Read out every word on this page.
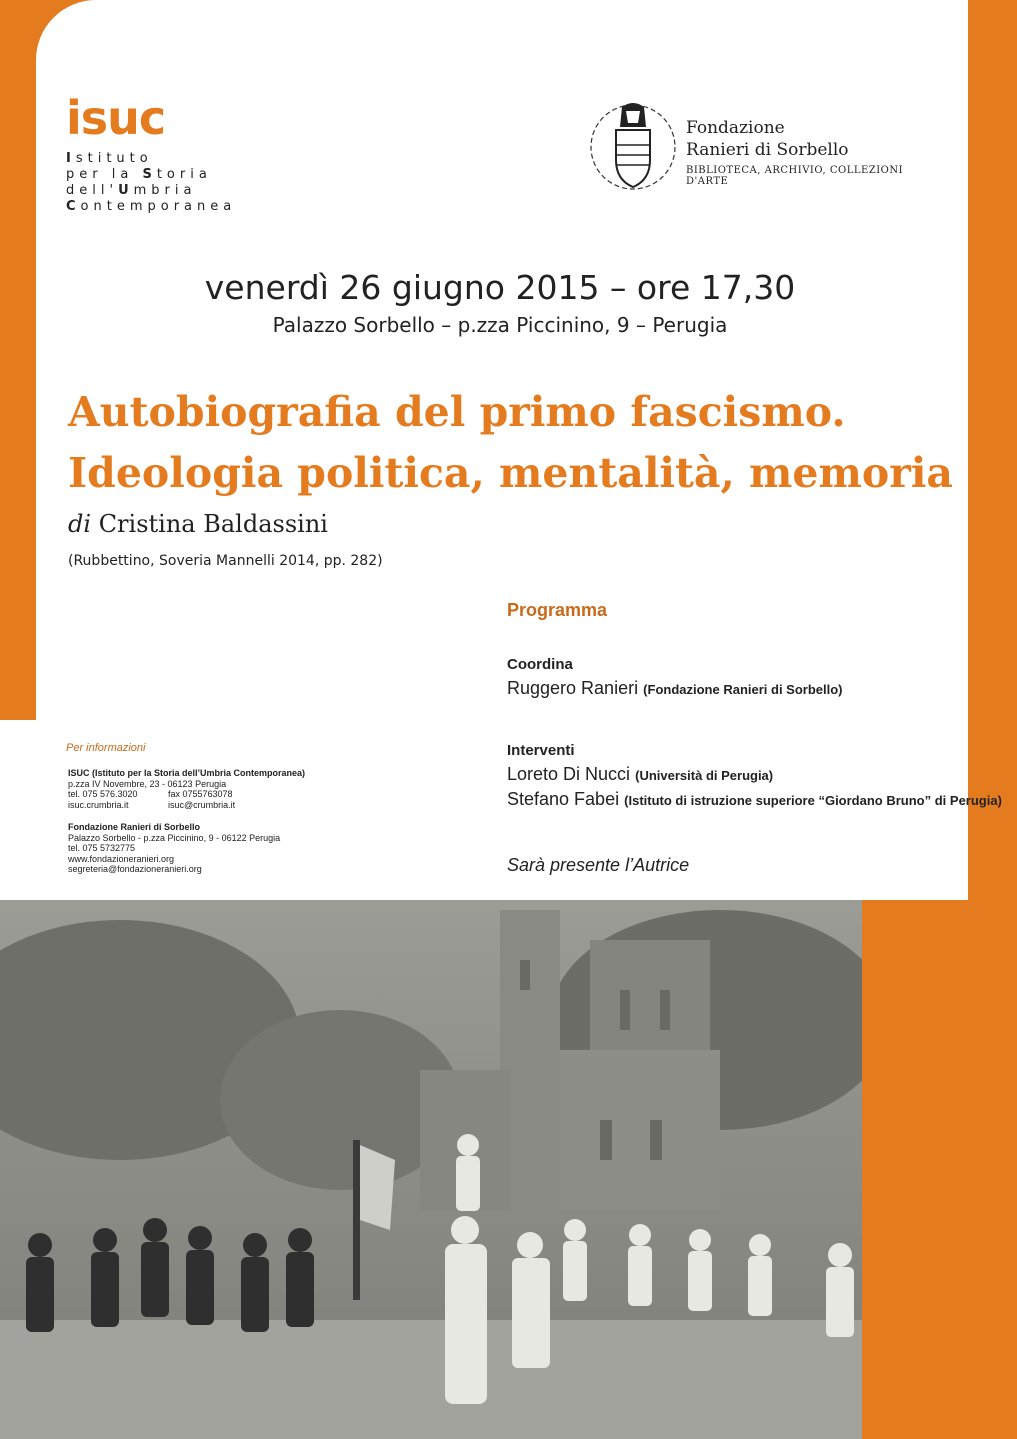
isuc
Istituto
per la Storia
dell'Umbria
Contemporanea
Fondazione
Ranieri di Sorbello
BIBLIOTECA, ARCHIVIO, COLLEZIONI D'ARTE
venerdì 26 giugno 2015 – ore 17,30
Palazzo Sorbello – p.zza Piccinino, 9 – Perugia
Autobiografia del primo fascismo.
Ideologia politica, mentalità, memoria
di Cristina Baldassini
(Rubbettino, Soveria Mannelli 2014, pp. 282)
Programma
Coordina
Ruggero Ranieri (Fondazione Ranieri di Sorbello)
Interventi
Loreto Di Nucci (Università di Perugia)
Stefano Fabei (Istituto di istruzione superiore “Giordano Bruno” di Perugia)
Sarà presente l’Autrice
Per informazioni
ISUC (Istituto per la Storia dell’Umbria Contemporanea)
p.zza IV Novembre, 23 - 06123 Perugia
tel. 075 576.3020	fax 0755763078
isuc.crumbria.it	isuc@crumbria.it
Fondazione Ranieri di Sorbello
Palazzo Sorbello - p.zza Piccinino, 9 - 06122 Perugia
tel. 075 5732775
www.fondazioneranieri.org
segreteria@fondazioneranieri.org
